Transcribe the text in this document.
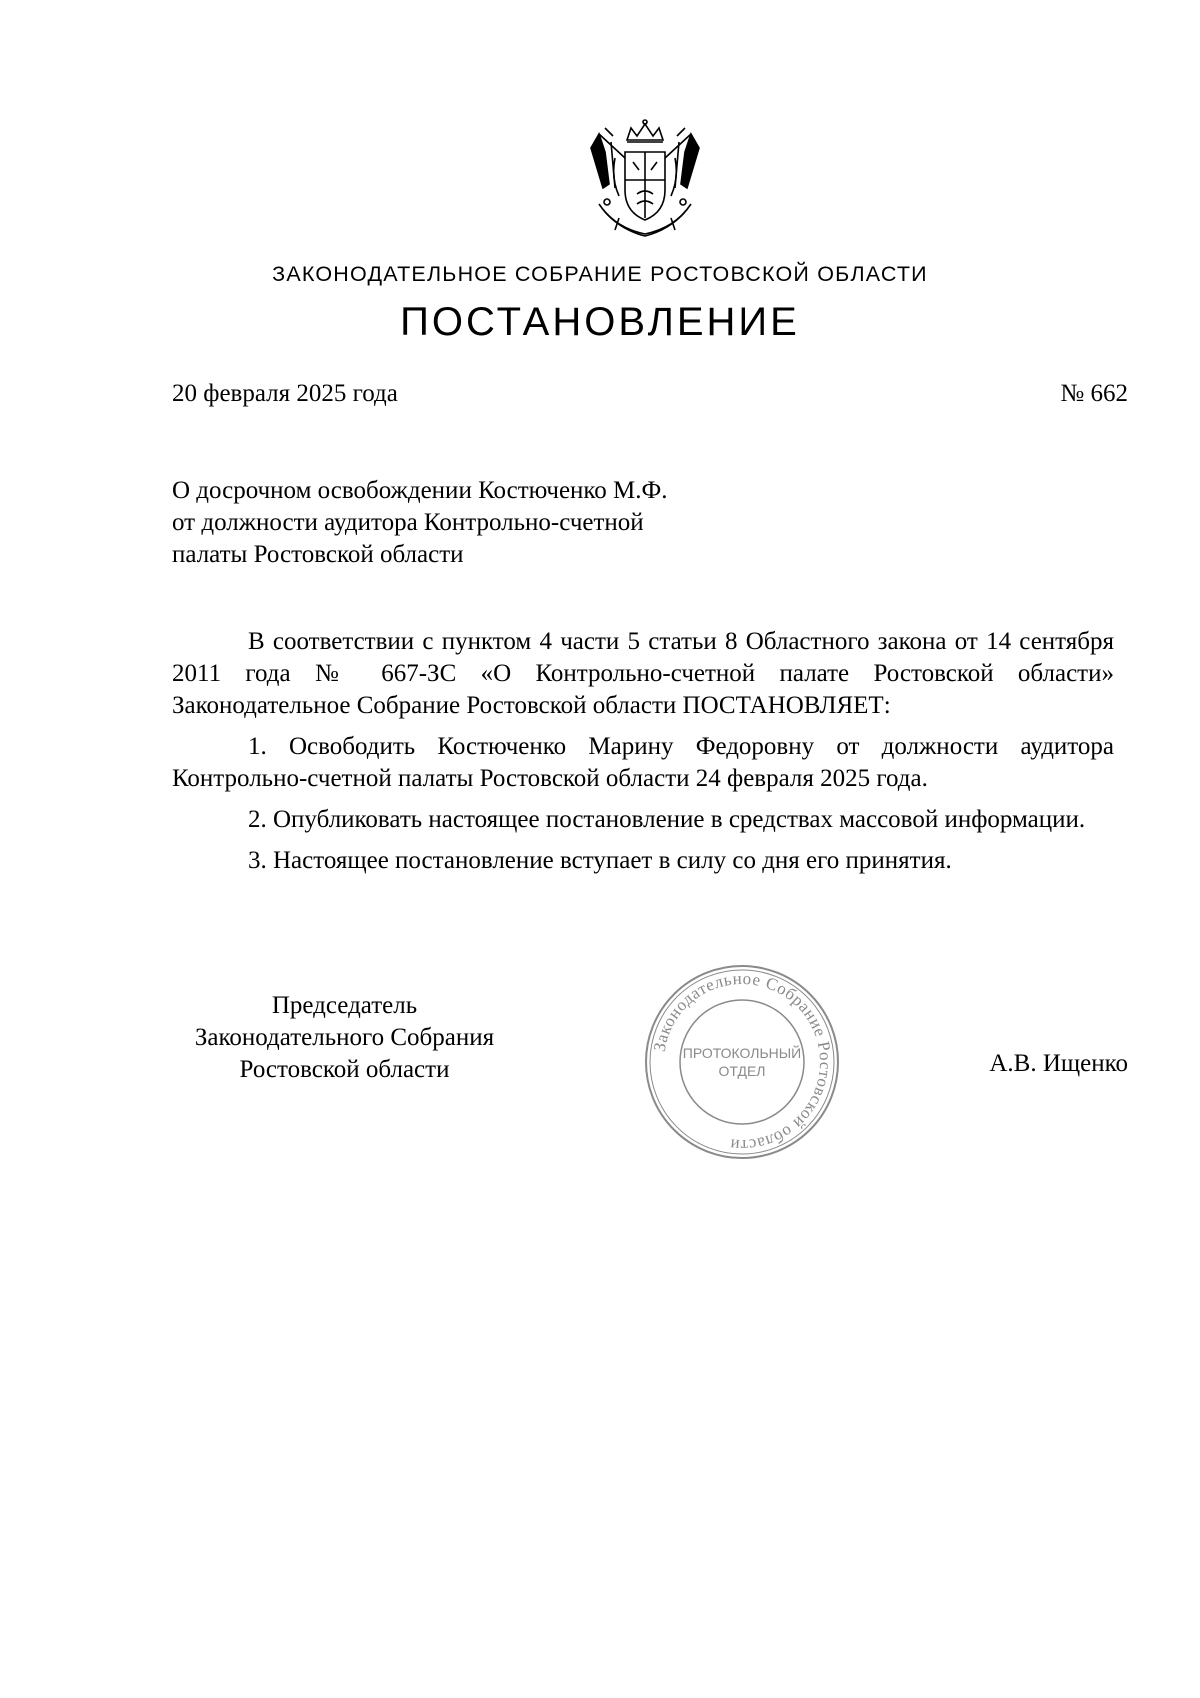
ЗАКОНОДАТЕЛЬНОЕ СОБРАНИЕ РОСТОВСКОЙ ОБЛАСТИ
ПОСТАНОВЛЕНИЕ
20 февраля 2025 года	№ 662
О досрочном освобождении Костюченко М.Ф.
от должности аудитора Контрольно-счетной
палаты Ростовской области

В соответствии с пунктом 4 части 5 статьи 8 Областного закона от 14 сентября 2011 года № 667-ЗС «О Контрольно-счетной палате Ростовской области» Законодательное Собрание Ростовской области ПОСТАНОВЛЯЕТ:

1. Освободить Костюченко Марину Федоровну от должности аудитора Контрольно-счетной палаты Ростовской области 24 февраля 2025 года.

2. Опубликовать настоящее постановление в средствах массовой информации.

3. Настоящее постановление вступает в силу со дня его принятия.

Председатель
Законодательного Собрания
Ростовской области
Законодательное Собрание Ростовской области
ПРОТОКОЛЬНЫЙ
ОТДЕЛ	А.В. Ищенко
